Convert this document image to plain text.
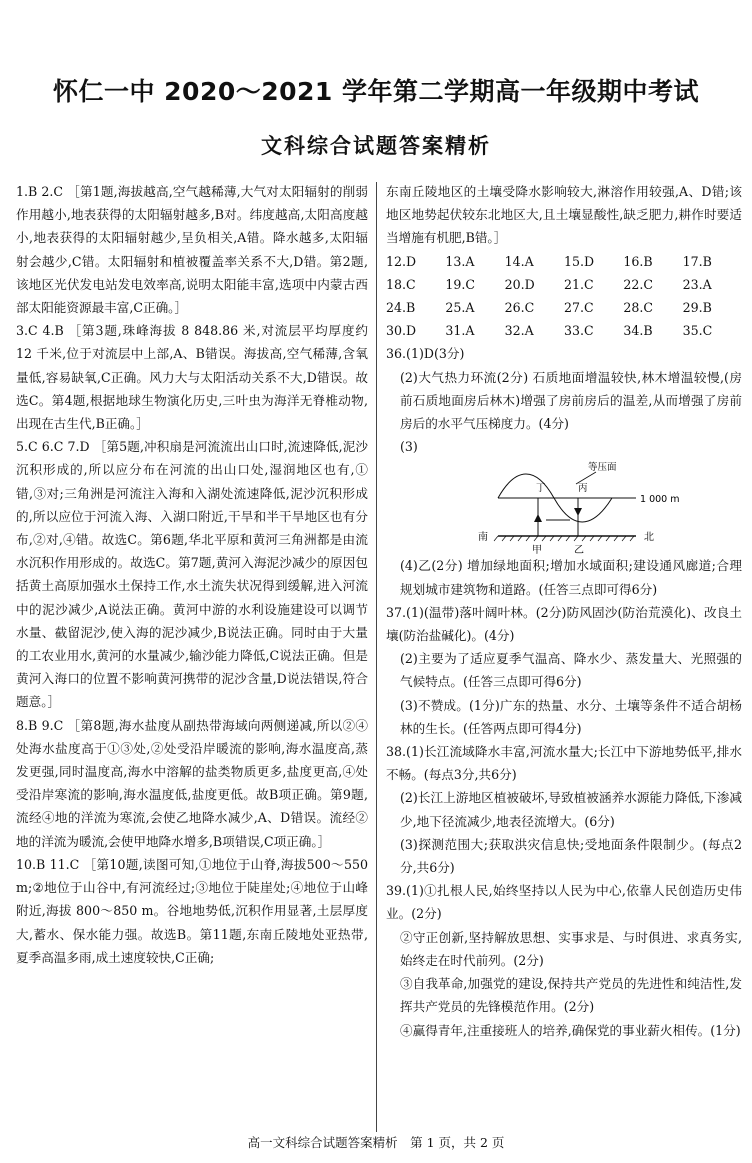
怀仁一中 2020～2021 学年第二学期高一年级期中考试
文科综合试题答案精析

1.B 2.C ［第1题,海拔越高,空气越稀薄,大气对太阳辐射的削弱作用越小,地表获得的太阳辐射越多,B对。纬度越高,太阳高度越小,地表获得的太阳辐射越少,呈负相关,A错。降水越多,太阳辐射会越少,C错。太阳辐射和植被覆盖率关系不大,D错。第2题,该地区光伏发电站发电效率高,说明太阳能丰富,选项中内蒙古西部太阳能资源最丰富,C正确。］

3.C 4.B ［第3题,珠峰海拔 8 848.86 米,对流层平均厚度约 12 千米,位于对流层中上部,A、B错误。海拔高,空气稀薄,含氧量低,容易缺氧,C正确。风力大与太阳活动关系不大,D错误。故选C。第4题,根据地球生物演化历史,三叶虫为海洋无脊椎动物,出现在古生代,B正确。］

5.C 6.C 7.D ［第5题,冲积扇是河流流出山口时,流速降低,泥沙沉积形成的,所以应分布在河流的出山口处,湿润地区也有,①错,③对;三角洲是河流注入海和入湖处流速降低,泥沙沉积形成的,所以应位于河流入海、入湖口附近,干旱和半干旱地区也有分布,②对,④错。故选C。第6题,华北平原和黄河三角洲都是由流水沉积作用形成的。故选C。第7题,黄河入海泥沙减少的原因包括黄土高原加强水土保持工作,水土流失状况得到缓解,进入河流中的泥沙减少,A说法正确。黄河中游的水利设施建设可以调节水量、截留泥沙,使入海的泥沙减少,B说法正确。同时由于大量的工农业用水,黄河的水量减少,输沙能力降低,C说法正确。但是黄河入海口的位置不影响黄河携带的泥沙含量,D说法错误,符合题意。］

8.B 9.C ［第8题,海水盐度从副热带海域向两侧递减,所以②④处海水盐度高于①③处,②处受沿岸暖流的影响,海水温度高,蒸发更强,同时温度高,海水中溶解的盐类物质更多,盐度更高,④处受沿岸寒流的影响,海水温度低,盐度更低。故B项正确。第9题,流经④地的洋流为寒流,会使乙地降水减少,A、D错误。流经②地的洋流为暖流,会使甲地降水增多,B项错误,C项正确。］

10.B 11.C ［第10题,读图可知,①地位于山脊,海拔500～550 m;②地位于山谷中,有河流经过;③地位于陡崖处;④地位于山峰附近,海拔 800～850 m。谷地地势低,沉积作用显著,土层厚度大,蓄水、保水能力强。故选B。第11题,东南丘陵地处亚热带,夏季高温多雨,成土速度较快,C正确;

东南丘陵地区的土壤受降水影响较大,淋溶作用较强,A、D错;该地区地势起伏较东北地区大,且土壤显酸性,缺乏肥力,耕作时要适当增施有机肥,B错。］

12.D	13.A	14.A	15.D	16.B	17.B
18.C	19.C	20.D	21.C	22.C	23.A
24.B	25.A	26.C	27.C	28.C	29.B
30.D	31.A	32.A	33.C	34.B	35.C

36.(1)D(3分)

(2)大气热力环流(2分) 石质地面增温较快,林木增温较慢,(房前石质地面房后林木)增强了房前房后的温差,从而增强了房前房后的水平气压梯度力。(4分)

(3)

等压面
1 000 m
丙
丁
南	北
甲	乙

(4)乙(2分) 增加绿地面积;增加水域面积;建设通风廊道;合理规划城市建筑物和道路。(任答三点即可得6分)

37.(1)(温带)落叶阔叶林。(2分)防风固沙(防治荒漠化)、改良土壤(防治盐碱化)。(4分)

(2)主要为了适应夏季气温高、降水少、蒸发量大、光照强的气候特点。(任答三点即可得6分)

(3)不赞成。(1分)广东的热量、水分、土壤等条件不适合胡杨林的生长。(任答两点即可得4分)

38.(1)长江流域降水丰富,河流水量大;长江中下游地势低平,排水不畅。(每点3分,共6分)

(2)长江上游地区植被破坏,导致植被涵养水源能力降低,下渗减少,地下径流减少,地表径流增大。(6分)

(3)探测范围大;获取洪灾信息快;受地面条件限制少。(每点2分,共6分)

39.(1)①扎根人民,始终坚持以人民为中心,依靠人民创造历史伟业。(2分)

②守正创新,坚持解放思想、实事求是、与时俱进、求真务实,始终走在时代前列。(2分)

③自我革命,加强党的建设,保持共产党员的先进性和纯洁性,发挥共产党员的先锋模范作用。(2分)

④赢得青年,注重接班人的培养,确保党的事业薪火相传。(1分)

高一文科综合试题答案精析　第 1 页，共 2 页
